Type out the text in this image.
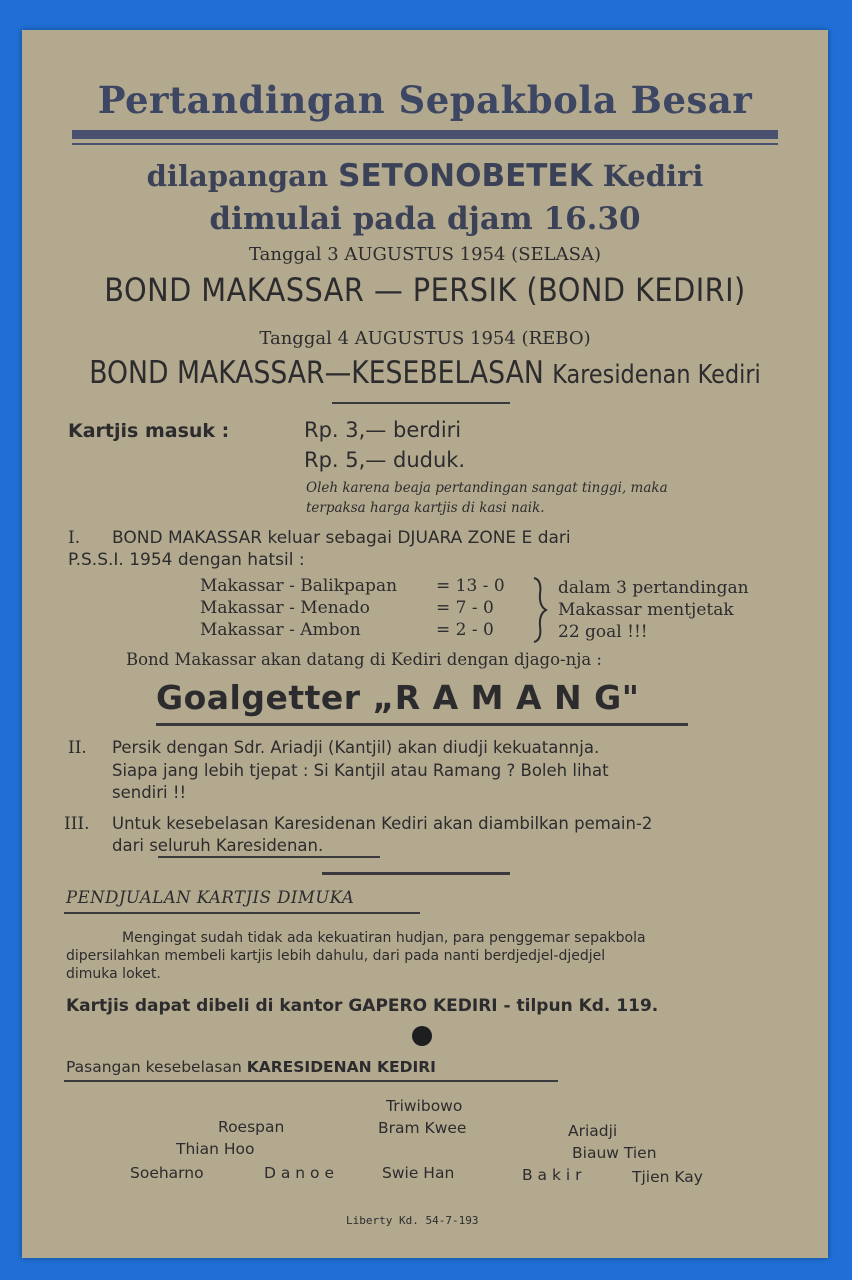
Pertandingan Sepakbola Besar
dilapangan SETONOBETEK Kediri
dimulai pada djam 16.30
Tanggal 3 AUGUSTUS 1954 (SELASA)
BOND MAKASSAR — PERSIK (BOND KEDIRI)
Tanggal 4 AUGUSTUS 1954 (REBO)
BOND MAKASSAR—KESEBELASAN Karesidenan Kediri
Kartjis masuk :	Rp. 3,— berdiri
Rp. 5,— duduk.
Oleh karena beaja pertandingan sangat tinggi, maka
terpaksa harga kartjis di kasi naik.
I. BOND MAKASSAR keluar sebagai DJUARA ZONE E dari
P.S.S.I. 1954 dengan hatsil :
Makassar - Balikpapan = 13 - 0
Makassar - Menado	= 7 - 0
Makassar - Ambon	= 2 - 0
dalam 3 pertandingan
Makassar mentjetak
22 goal !!!
Bond Makassar akan datang di Kediri dengan djago-nja :
Goalgetter „R A M A N G"
II. Persik dengan Sdr. Ariadji (Kantjil) akan diudji kekuatannja.
Siapa jang lebih tjepat : Si Kantjil atau Ramang ? Boleh lihat
sendiri !!
III. Untuk kesebelasan Karesidenan Kediri akan diambilkan pemain-2
dari seluruh Karesidenan.
PENDJUALAN KARTJIS DIMUKA
Mengingat sudah tidak ada kekuatiran hudjan, para penggemar sepakbola
dipersilahkan membeli kartjis lebih dahulu, dari pada nanti berdjedjel-djedjel
dimuka loket.
Kartjis dapat dibeli di kantor GAPERO KEDIRI - tilpun Kd. 119.
Pasangan kesebelasan KARESIDENAN KEDIRI
Triwibowo
Roespan	Bram Kwee	Ariadji
Thian Hoo	Biauw Tien
Soeharno	D a n o e	Swie Han	B a k i r	Tjien Kay
Liberty Kd. 54-7-193
